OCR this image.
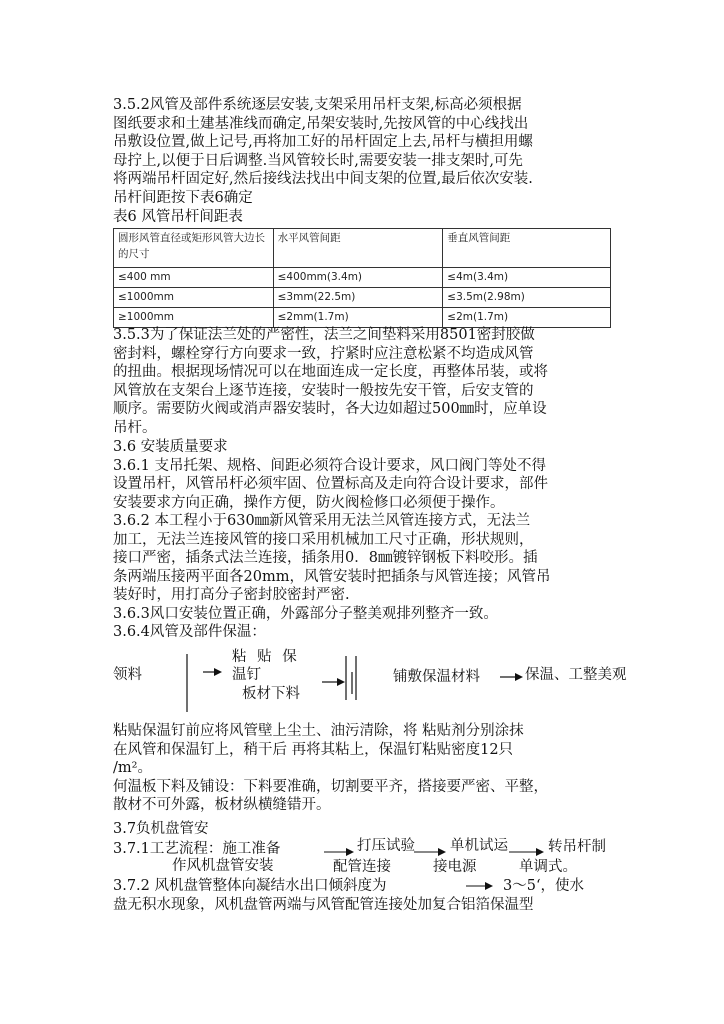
3.5.2风管及部件系统逐层安装,支架采用吊杆支架,标高必须根据
图纸要求和土建基准线而确定,吊架安装时,先按风管的中心线找出
吊敷设位置,做上记号,再将加工好的吊杆固定上去,吊杆与横担用螺
母拧上,以便于日后调整.当风管较长时,需要安装一排支架时,可先
将两端吊杆固定好,然后接线法找出中间支架的位置,最后依次安装.
吊杆间距按下表6确定
表6 风管吊杆间距表
圆形风管直径或矩形风管大边长的尺寸	水平风管间距	垂直风管间距
≤400 mm	≤400mm(3.4m)	≤4m(3.4m)
≤1000mm	≤3mm(22.5m)	≤3.5m(2.98m)
≥1000mm	≤2mm(1.7m)	≤2m(1.7m)
3.5.3为了保证法兰处的严密性，法兰之间垫料采用8501密封胶做
密封料，螺栓穿行方向要求一致，拧紧时应注意松紧不均造成风管
的扭曲。根据现场情况可以在地面连成一定长度，再整体吊装，或将
风管放在支架台上逐节连接，安装时一般按先安干管，后安支管的
顺序。需要防火阀或消声器安装时，各大边如超过500㎜时，应单设
吊杆。
3.6 安装质量要求
3.6.1 支吊托架、规格、间距必须符合设计要求，风口阀门等处不得
设置吊杆，风管吊杆必须牢固、位置标高及走向符合设计要求，部件
安装要求方向正确，操作方便，防火阀检修口必须便于操作。
3.6.2 本工程小于630㎜新风管采用无法兰风管连接方式，无法兰
加工，无法兰连接风管的接口采用机械加工尺寸正确，形状规则，
接口严密，插条式法兰连接，插条用0．8㎜镀锌钢板下料咬形。插
条两端压接两平面各20mm，风管安装时把插条与风管连接；风管吊
装好时，用打高分子密封胶密封严密.
3.6.3风口安装位置正确，外露部分子整美观排列整齐一致。
3.6.4风管及部件保温：
领料
粘 贴 保
温钉
板材下料
铺敷保温材料	保温、工整美观
粘贴保温钉前应将风管壁上尘土、油污清除，将 粘贴剂分别涂抹
在风管和保温钉上，稍干后 再将其粘上，保温钉粘贴密度12只
/m²。
何温板下料及铺设：下料要准确，切割要平齐，搭接要严密、平整，
散材不可外露，板材纵横缝错开。
3.7负机盘管安
3.7.1工艺流程：施工准备	打压试验 单机试运	转吊杆制
作风机盘管安装	配管连接	接电源	单调式。
3.7.2 风机盘管整体向凝结水出口倾斜度为	3～5‘，使水
盘无积水现象，风机盘管两端与风管配管连接处加复合铝箔保温型
